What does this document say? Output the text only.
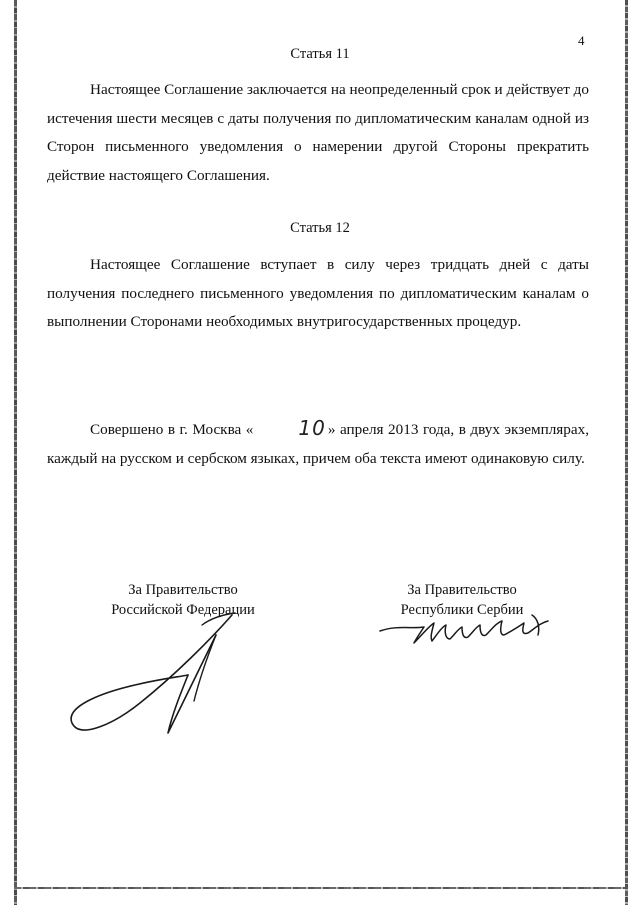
4
Статья 11

Настоящее Соглашение заключается на неопределенный срок и действует до истечения шести месяцев с даты получения по дипломатическим каналам одной из Сторон письменного уведомления о намерении другой Стороны прекратить действие настоящего Соглашения.

Статья 12

Настоящее Соглашение вступает в силу через тридцать дней с даты получения последнего письменного уведомления по дипломатическим каналам о выполнении Сторонами необходимых внутригосударственных процедур.

Совершено в г. Москва « 10 » апреля 2013 года, в двух экземплярах, каждый на русском и сербском языках, причем оба текста имеют одинаковую силу.

За Правительство
Российской Федерации
За Правительство
Республики Сербии
